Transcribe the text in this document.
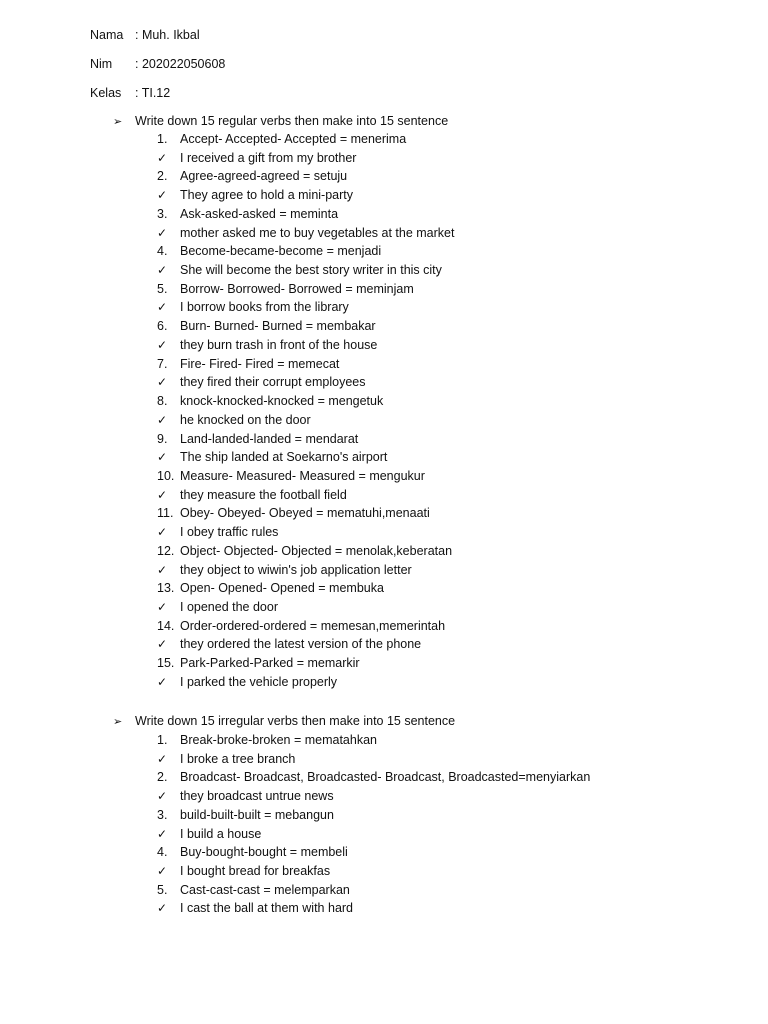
Nama : Muh. Ikbal
Nim : 202022050608
Kelas : TI.12
➢ Write down 15 regular verbs then make into 15 sentence
1. Accept- Accepted- Accepted = menerima
✓ I received a gift from my brother
2. Agree-agreed-agreed = setuju
✓ They agree to hold a mini-party
3. Ask-asked-asked = meminta
✓ mother asked me to buy vegetables at the market
4. Become-became-become = menjadi
✓ She will become the best story writer in this city
5. Borrow- Borrowed- Borrowed = meminjam
✓ I borrow books from the library
6. Burn- Burned- Burned = membakar
✓ they burn trash in front of the house
7. Fire- Fired- Fired = memecat
✓ they fired their corrupt employees
8. knock-knocked-knocked = mengetuk
✓ he knocked on the door
9. Land-landed-landed = mendarat
✓ The ship landed at Soekarno's airport
10. Measure- Measured- Measured = mengukur
✓ they measure the football field
11. Obey- Obeyed- Obeyed = mematuhi,menaati
✓ I obey traffic rules
12. Object- Objected- Objected = menolak,keberatan
✓ they object to wiwin's job application letter
13. Open- Opened- Opened = membuka
✓ I opened the door
14. Order-ordered-ordered = memesan,memerintah
✓ they ordered the latest version of the phone
15. Park-Parked-Parked = memarkir
✓ I parked the vehicle properly
➢ Write down 15 irregular verbs then make into 15 sentence
1. Break-broke-broken = mematahkan
✓ I broke a tree branch
2. Broadcast- Broadcast, Broadcasted- Broadcast, Broadcasted=menyiarkan
✓ they broadcast untrue news
3. build-built-built = mebangun
✓ I build a house
4. Buy-bought-bought = membeli
✓ I bought bread for breakfas
5. Cast-cast-cast = melemparkan
✓ I cast the ball at them with hard
